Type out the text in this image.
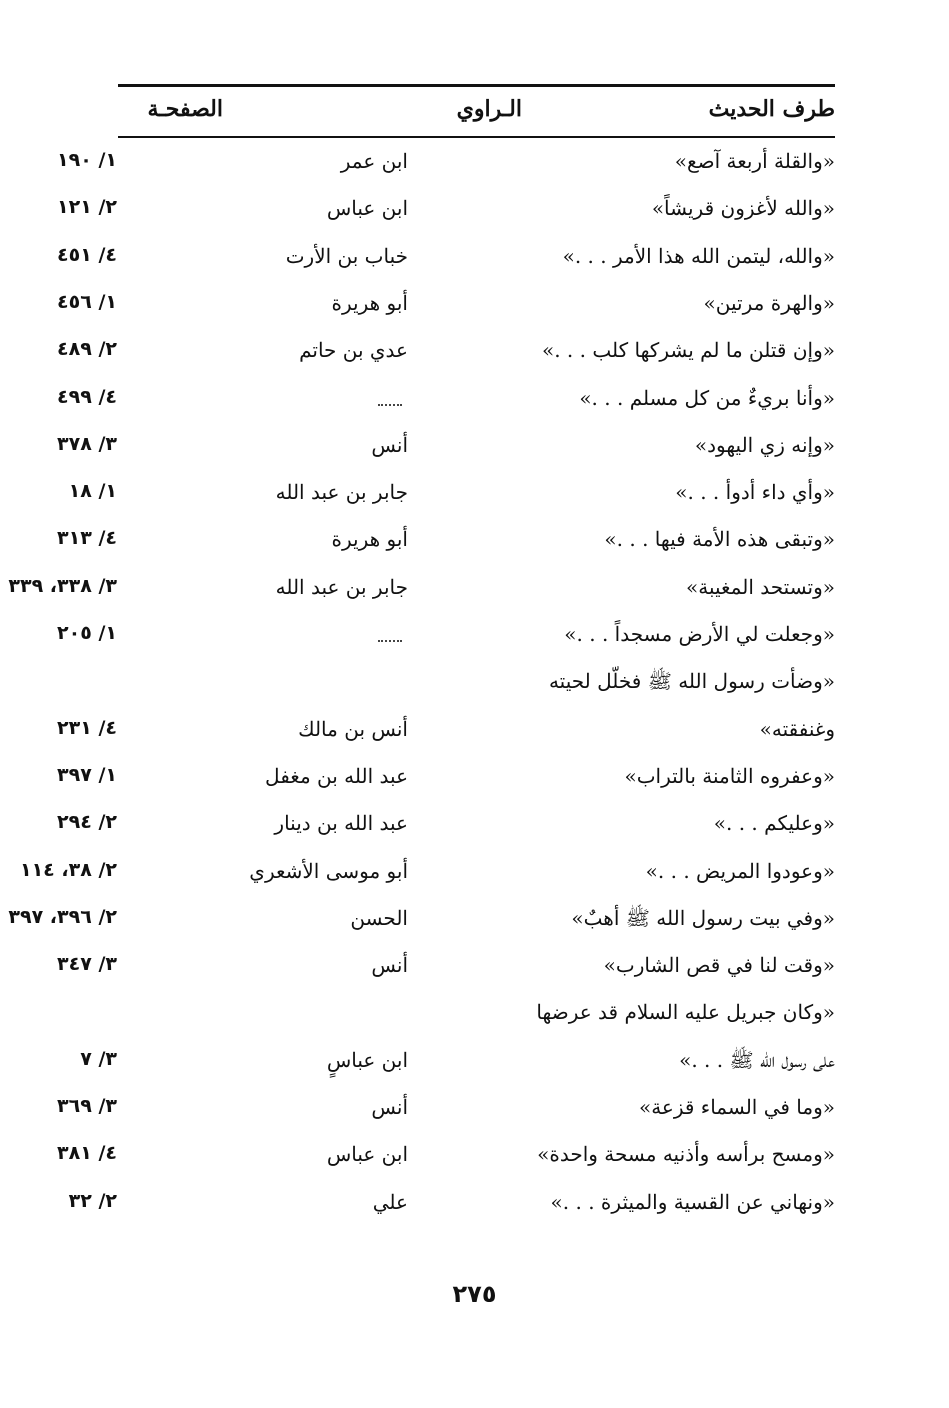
طرف الحديث
الـراوي
الصفحـة
«والقلة أربعة آصع»
ابن عمر
١/ ١٩٠
«والله لأغزون قريشاً»
ابن عباس
٢/ ١٢١
«والله، ليتمن الله هذا الأمر . . .»
خباب بن الأرت
٤/ ٤٥١
«والهرة مرتين»
أبو هريرة
١/ ٤٥٦
«وإن قتلن ما لم يشركها كلب . . .»
عدي بن حاتم
٢/ ٤٨٩
«وأنا بريءٌ من كل مسلم . . .»
٤/ ٤٩٩
«وإنه زي اليهود»
أنس
٣/ ٣٧٨
«وأي داء أدوأ . . .»
جابر بن عبد الله
١/ ١٨
«وتبقى هذه الأمة فيها . . .»
أبو هريرة
٤/ ٣١٣
«وتستحد المغيبة»
جابر بن عبد الله
٣/ ٣٣٨، ٣٣٩
«وجعلت لي الأرض مسجداً . . .»
١/ ٢٠٥
«وضأت رسول الله ﷺ فخلّل لحيته
وغنفقته»
أنس بن مالك
٤/ ٢٣١
«وعفروه الثامنة بالتراب»
عبد الله بن مغفل
١/ ٣٩٧
«وعليكم . . .»
عبد الله بن دينار
٢/ ٢٩٤
«وعودوا المريض . . .»
أبو موسى الأشعري
٢/ ٣٨، ١١٤
«وفي بيت رسول الله ﷺ أهبٌ»
الحسن
٢/ ٣٩٦، ٣٩٧
«وقت لنا في قص الشارب»
أنس
٣/ ٣٤٧
«وكان جبريل عليه السلام قد عرضها
على رسول الله ﷺ . . .»
ابن عباسٍ
٣/ ٧
«وما في السماء قزعة»
أنس
٣/ ٣٦٩
«ومسح برأسه وأذنيه مسحة واحدة»
ابن عباس
٤/ ٣٨١
«ونهاني عن القسية والميثرة . . .»
علي
٢/ ٣٢
٢٧٥
